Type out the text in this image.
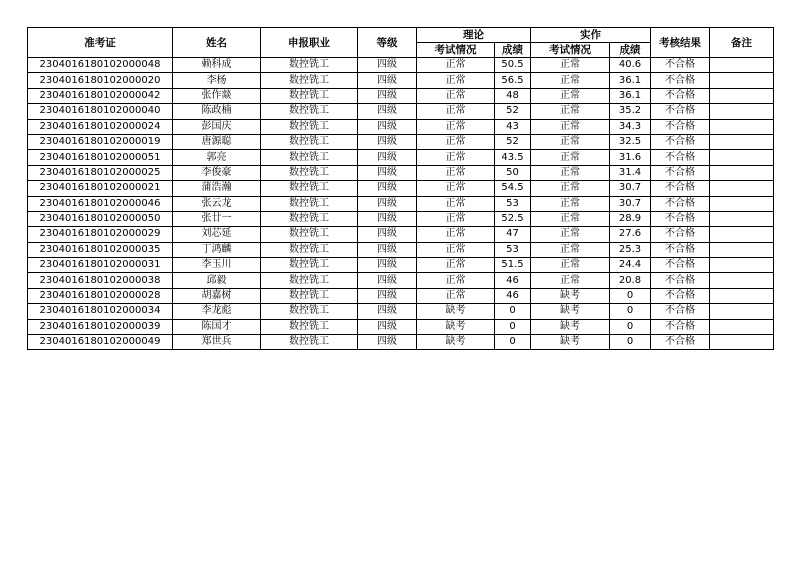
准考证	姓名	申报职业	等级	理论		实作		考核结果	备注
				考试情况	成绩	考试情况	成绩		
230401618010200004​8	赖科成	数控铣工	四级	正常	50.5	正常	40.6	不合格	
2304016180102000020	李杨	数控铣工	四级	正常	56.5	正常	36.1	不合格	
2304016180102000042	张作燚	数控铣工	四级	正常	48	正常	36.1	不合格	
2304016180102000040	陈政楠	数控铣工	四级	正常	52	正常	35.2	不合格	
2304016180102000024	彭国庆	数控铣工	四级	正常	43	正常	34.3	不合格	
2304016180102000019	唐源聪	数控铣工	四级	正常	52	正常	32.5	不合格	
2304016180102000051	郭亮	数控铣工	四级	正常	43.5	正常	31.6	不合格	
2304016180102000025	李俊豪	数控铣工	四级	正常	50	正常	31.4	不合格	
2304016180102000021	蒲浩瀚	数控铣工	四级	正常	54.5	正常	30.7	不合格	
2304016180102000046	张云龙	数控铣工	四级	正常	53	正常	30.7	不合格	
2304016180102000050	张廿一	数控铣工	四级	正常	52.5	正常	28.9	不合格	
2304016180102000029	刘芯延	数控铣工	四级	正常	47	正常	27.6	不合格	
2304016180102000035	丁鸿麟	数控铣工	四级	正常	53	正常	25.3	不合格	
2304016180102000031	李玉川	数控铣工	四级	正常	51.5	正常	24.4	不合格	
2304016180102000038	邱毅	数控铣工	四级	正常	46	正常	20.8	不合格	
2304016180102000028	胡嘉树	数控铣工	四级	正常	46	缺考	0	不合格	
2304016180102000034	李龙彪	数控铣工	四级	缺考	0	缺考	0	不合格	
2304016180102000039	陈国才	数控铣工	四级	缺考	0	缺考	0	不合格	
2304016180102000049	郑世兵	数控铣工	四级	缺考	0	缺考	0	不合格	
